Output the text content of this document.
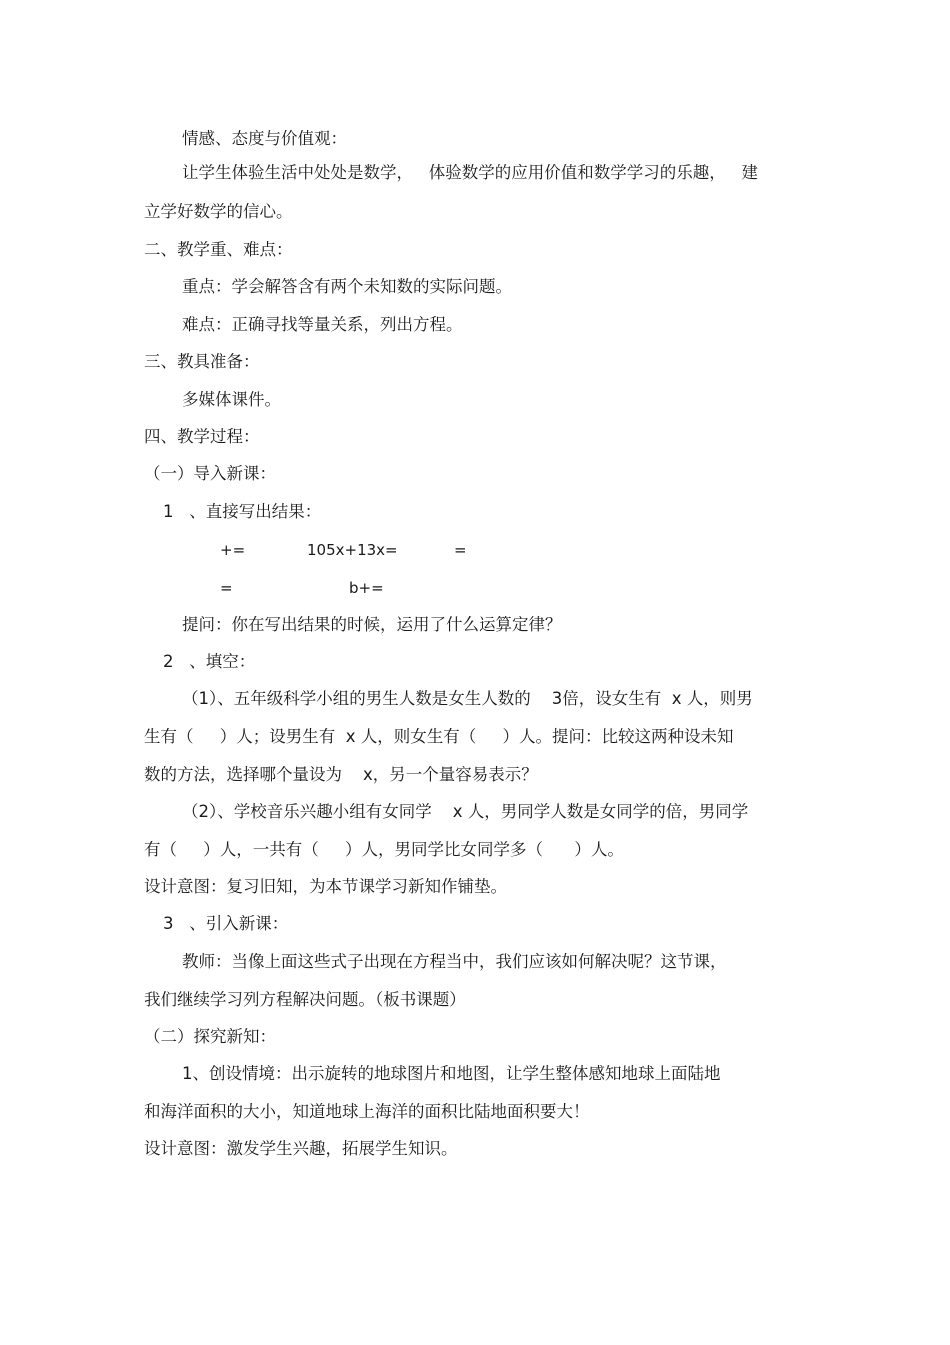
情感、态度与价值观：

让学生体验生活中处处是数学，   体验数学的应用价值和数学学习的乐趣，   建

立学好数学的信心。

二、教学重、难点：

重点：学会解答含有两个未知数的实际问题。

难点：正确寻找等量关系，列出方程。

三、教具准备：

多媒体课件。

四、教学过程：

（一）导入新课：

1   、直接写出结果：

+=	105x+13x=	=

=	b+=

提问：你在写出结果的时候，运用了什么运算定律？

2   、填空：

（1）、五年级科学小组的男生人数是女生人数的    3倍，设女生有  x 人，则男

生有（     ）人；设男生有  x 人，则女生有（     ）人。提问：比较这两种设未知

数的方法，选择哪个量设为    x，另一个量容易表示？

（2）、学校音乐兴趣小组有女同学    x 人，男同学人数是女同学的倍，男同学

有（     ）人，一共有（     ）人，男同学比女同学多（      ）人。

设计意图：复习旧知，为本节课学习新知作铺垫。

3   、引入新课：

教师：当像上面这些式子出现在方程当中，我们应该如何解决呢？这节课，

我们继续学习列方程解决问题。（板书课题）

（二）探究新知：

1、创设情境：出示旋转的地球图片和地图，让学生整体感知地球上面陆地

和海洋面积的大小，知道地球上海洋的面积比陆地面积要大！

设计意图：激发学生兴趣，拓展学生知识。
